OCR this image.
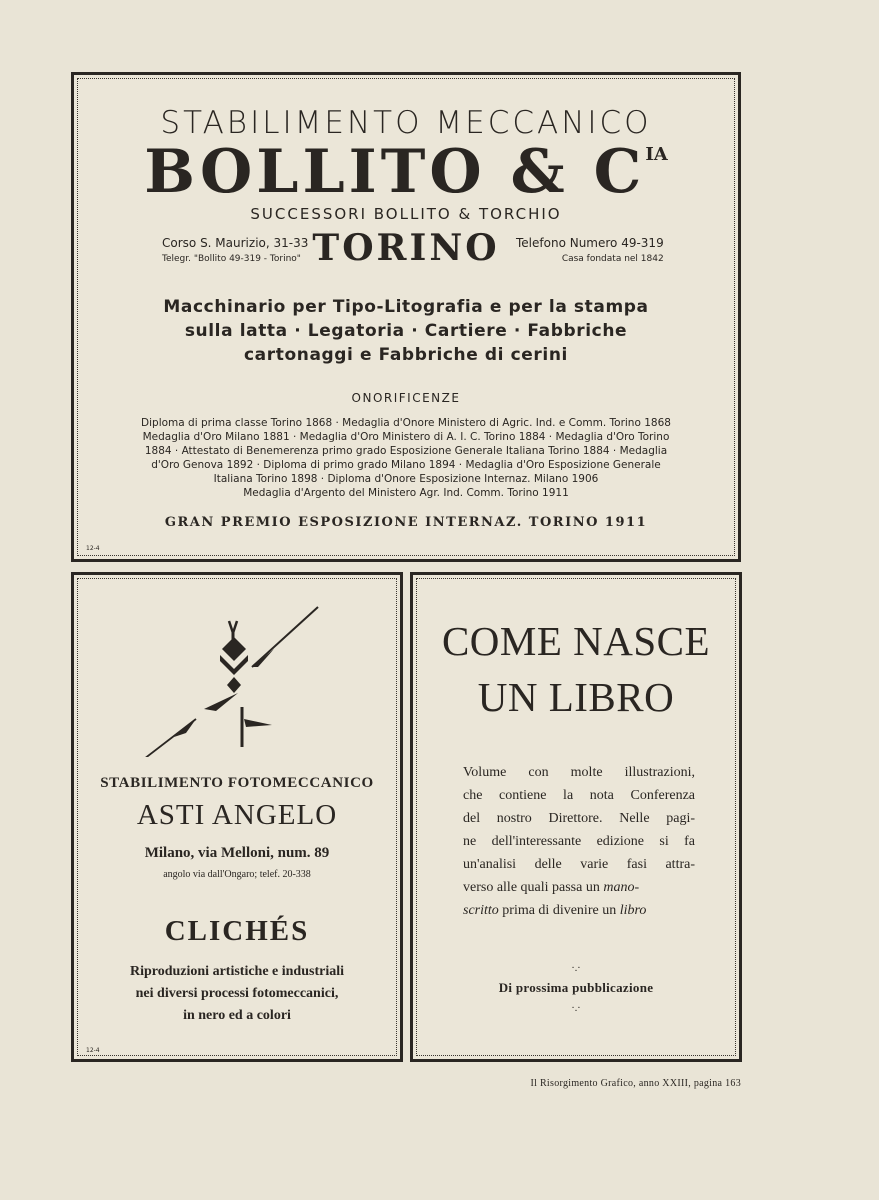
STABILIMENTO MECCANICO
BOLLITO & $C^{IA}$
SUCCESSORI BOLLITO & TORCHIO
Corso S. Maurizio, 31-33
Telegr. "Bollito 49-319 - Torino" TORINO	Telefono Numero 49-319
Casa fondata nel 1842
Macchinario per Tipo-Litografia e per la stampa
sulla latta · Legatoria · Cartiere · Fabbriche
cartonaggi e Fabbriche di cerini
ONORIFICENZE
Diploma di prima classe Torino 1868 · Medaglia d'Onore Ministero di Agric. Ind. e Comm. Torino 1868
Medaglia d'Oro Milano 1881 · Medaglia d'Oro Ministero di A. I. C. Torino 1884 · Medaglia d'Oro Torino
1884 · Attestato di Benemerenza primo grado Esposizione Generale Italiana Torino 1884 · Medaglia
d'Oro Genova 1892 · Diploma di primo grado Milano 1894 · Medaglia d'Oro Esposizione Generale
Italiana Torino 1898 · Diploma d'Onore Esposizione Internaz. Milano 1906
Medaglia d'Argento del Ministero Agr. Ind. Comm. Torino 1911
GRAN PREMIO ESPOSIZIONE INTERNAZ. TORINO 1911
12-4
STABILIMENTO FOTOMECCANICO
ASTI ANGELO
Milano, via Melloni, num. 89
angolo via dall'Ongaro; telef. 20-338
CLICHÉS
Riproduzioni artistiche e industriali
nei diversi processi fotomeccanici,
in nero ed a colori
12-4
COME NASCE
UN LIBRO
Volume con molte illustrazioni,
che contiene la nota Conferenza
del nostro Direttore. Nelle pagi-
ne dell'interessante edizione si fa
un'analisi delle varie fasi attra-
verso alle quali passa un mano-
scritto prima di divenire un libro
·.·
Di prossima pubblicazione
·.·
Il Risorgimento Grafico, anno XXIII, pagina 163
